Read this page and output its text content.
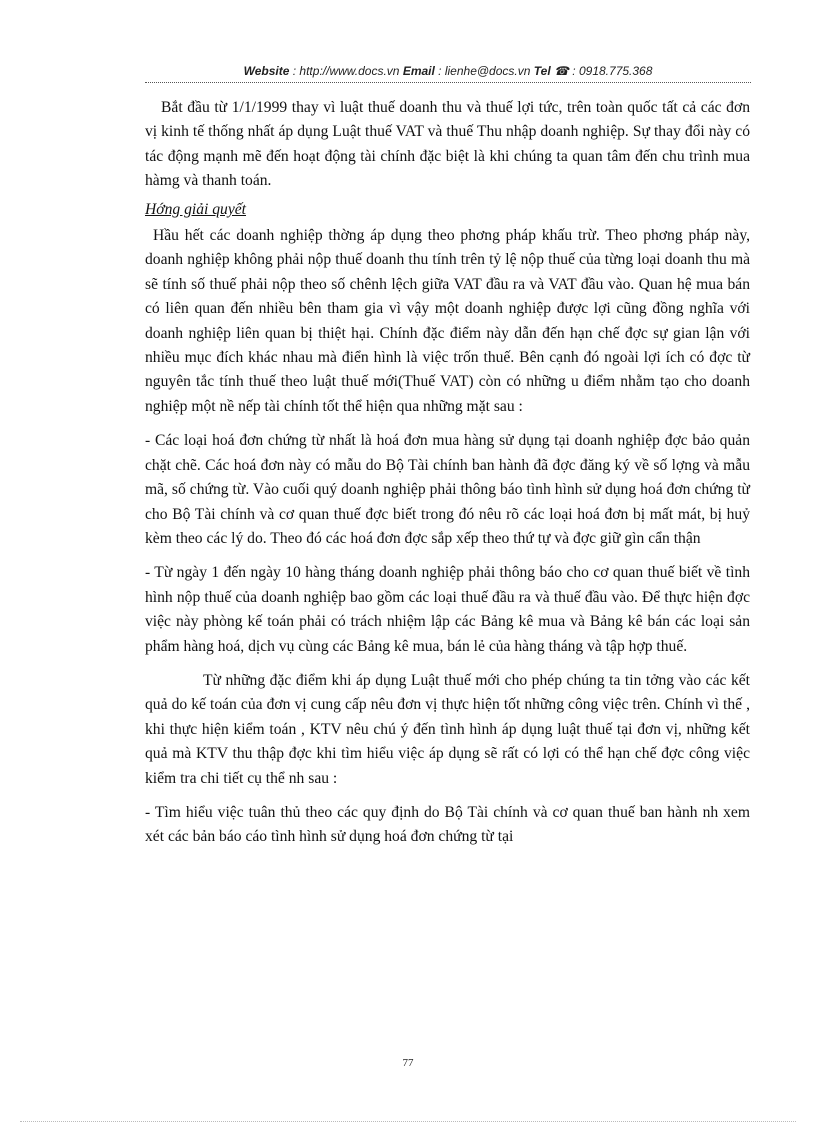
Website : http://www.docs.vn Email : lienhe@docs.vn Tel ☎ : 0918.775.368

Bắt đầu từ 1/1/1999 thay vì luật thuế doanh thu và thuế lợi tức, trên toàn quốc tất cả các đơn vị kinh tế thống nhất áp dụng Luật thuế VAT và thuế Thu nhập doanh nghiệp. Sự thay đổi này có tác động mạnh mẽ đến hoạt động tài chính đặc biệt là khi chúng ta quan tâm đến chu trình mua hàmg và thanh toán.

Hớng giải quyết

Hầu hết các doanh nghiệp thờng áp dụng theo phơng pháp khấu trừ. Theo phơng pháp này, doanh nghiệp không phải nộp thuế doanh thu tính trên tỷ lệ nộp thuế của từng loại doanh thu mà sẽ tính số thuế phải nộp theo số chênh lệch giữa VAT đầu ra và VAT đầu vào. Quan hệ mua bán có liên quan đến nhiều bên tham gia vì vậy một doanh nghiệp được lợi cũng đồng nghĩa với doanh nghiệp liên quan bị thiệt hại. Chính đặc điểm này dẫn đến hạn chế đợc sự gian lận với nhiều mục đích khác nhau mà điển hình là việc trốn thuế. Bên cạnh đó ngoài lợi ích có đợc từ nguyên tắc tính thuế theo luật thuế mới(Thuế VAT) còn có những u điểm nhằm tạo cho doanh nghiệp một nề nếp tài chính tốt thể hiện qua những mặt sau :

- Các loại hoá đơn chứng từ nhất là hoá đơn mua hàng sử dụng tại doanh nghiệp đợc bảo quản chặt chẽ. Các hoá đơn này có mẫu do Bộ Tài chính ban hành đã đợc đăng ký về số lợng và mẫu mã, số chứng từ. Vào cuối quý doanh nghiệp phải thông báo tình hình sử dụng hoá đơn chứng từ cho Bộ Tài chính và cơ quan thuế đợc biết trong đó nêu rõ các loại hoá đơn bị mất mát, bị huỷ kèm theo các lý do. Theo đó các hoá đơn đợc sắp xếp theo thứ tự và đợc giữ gìn cẩn thận

- Từ ngày 1 đến ngày 10 hàng tháng doanh nghiệp phải thông báo cho cơ quan thuế biết về tình hình nộp thuế của doanh nghiệp bao gồm các loại thuế đầu ra và thuế đầu vào. Để thực hiện đợc việc này phòng kế toán phải có trách nhiệm lập các Bảng kê mua và Bảng kê bán các loại sản phẩm hàng hoá, dịch vụ cùng các Bảng kê mua, bán lẻ của hàng tháng và tập hợp thuế.

Từ những đặc điểm khi áp dụng Luật thuế mới cho phép chúng ta tin tởng vào các kết quả do kế toán của đơn vị cung cấp nêu đơn vị thực hiện tốt những công việc trên. Chính vì thế , khi thực hiện kiểm toán , KTV nêu chú ý đến tình hình áp dụng luật thuế tại đơn vị, những kết quả mà KTV thu thập đợc khi tìm hiểu việc áp dụng sẽ rất có lợi có thể hạn chế đợc công việc kiểm tra chi tiết cụ thể nh sau :

- Tìm hiểu việc tuân thủ theo các quy định do Bộ Tài chính và cơ quan thuế ban hành nh xem xét các bản báo cáo tình hình sử dụng hoá đơn chứng từ tại

77
